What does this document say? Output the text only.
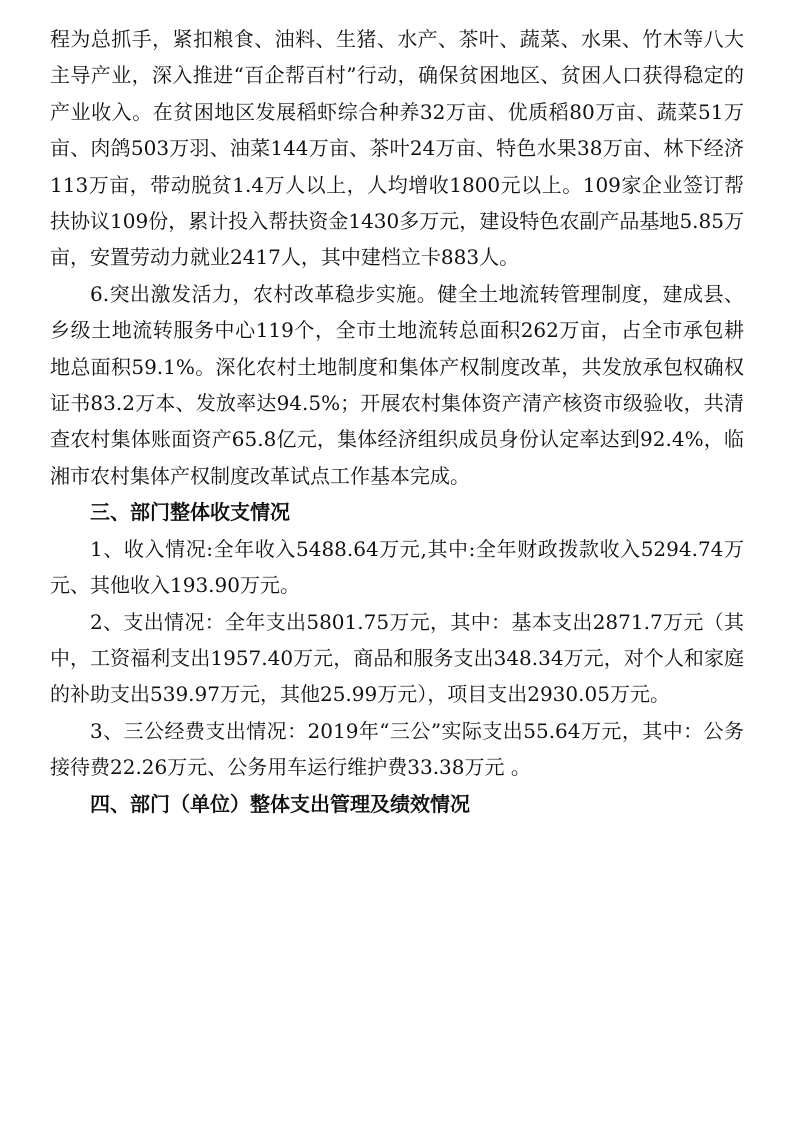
程为总抓手，紧扣粮食、油料、生猪、水产、茶叶、蔬菜、水果、竹木等八大主导产业，深入推进“百企帮百村”行动，确保贫困地区、贫困人口获得稳定的产业收入。在贫困地区发展稻虾综合种养32万亩、优质稻80万亩、蔬菜51万亩、肉鸽503万羽、油菜144万亩、茶叶24万亩、特色水果38万亩、林下经济113万亩，带动脱贫1.4万人以上，人均增收1800元以上。109家企业签订帮扶协议109份，累计投入帮扶资金1430多万元，建设特色农副产品基地5.85万亩，安置劳动力就业2417人，其中建档立卡883人。

6.突出激发活力，农村改革稳步实施。健全土地流转管理制度，建成县、乡级土地流转服务中心119个，全市土地流转总面积262万亩，占全市承包耕地总面积59.1%。深化农村土地制度和集体产权制度改革，共发放承包权确权证书83.2万本、发放率达94.5%；开展农村集体资产清产核资市级验收，共清查农村集体账面资产65.8亿元，集体经济组织成员身份认定率达到92.4%，临湘市农村集体产权制度改革试点工作基本完成。

三、部门整体收支情况

1、收入情况:全年收入5488.64万元,其中:全年财政拨款收入5294.74万元、其他收入193.90万元。

2、支出情况：全年支出5801.75万元，其中：基本支出2871.7万元（其中，工资福利支出1957.40万元，商品和服务支出348.34万元，对个人和家庭的补助支出539.97万元，其他25.99万元），项目支出2930.05万元。

3、三公经费支出情况：2019年“三公”实际支出55.64万元，其中：公务接待费22.26万元、公务用车运行维护费33.38万元 。

四、部门（单位）整体支出管理及绩效情况
